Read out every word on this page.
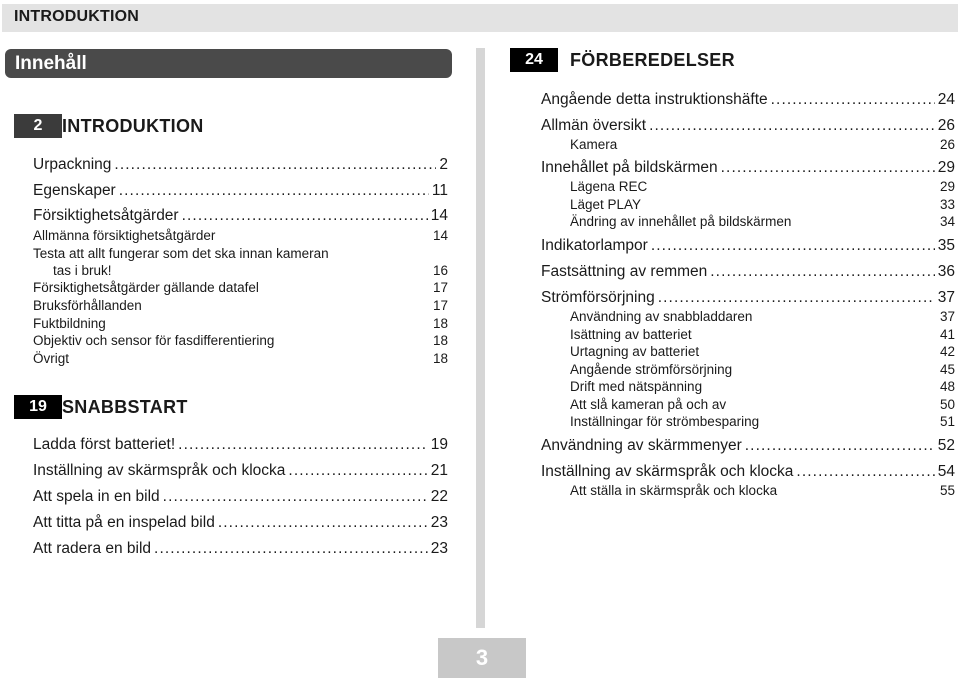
INTRODUKTION
Innehåll
2	INTRODUKTION
Urpackning . . .	2
Egenskaper . . .	11
Försiktighetsåtgärder . . .	14
Allmänna försiktighetsåtgärder	14
Testa att allt fungerar som det ska innan kameran
tas i bruk!	16
Försiktighetsåtgärder gällande datafel	17
Bruksförhållanden	17
Fuktbildning	18
Objektiv och sensor för fasdifferentiering	18
Övrigt	18
19 SNABBSTART
Ladda först batteriet! . . .	19
Inställning av skärmspråk och klocka . . .	21
Att spela in en bild . . .	22
Att titta på en inspelad bild . . .	23
Att radera en bild . . .	23
24	FÖRBEREDELSER
Angående detta instruktionshäfte . . .	24
Allmän översikt . . .	26
Kamera	26
Innehållet på bildskärmen . . .	29
Lägena REC	29
Läget PLAY	33
Ändring av innehållet på bildskärmen	34
Indikatorlampor . . .	35
Fastsättning av remmen . . .	36
Strömförsörjning . . .	37
Användning av snabbladdaren	37
Isättning av batteriet	41
Urtagning av batteriet	42
Angående strömförsörjning	45
Drift med nätspänning	48
Att slå kameran på och av	50
Inställningar för strömbesparing	51
Användning av skärmmenyer . . .	52
Inställning av skärmspråk och klocka . . .	54
Att ställa in skärmspråk och klocka	55
3
